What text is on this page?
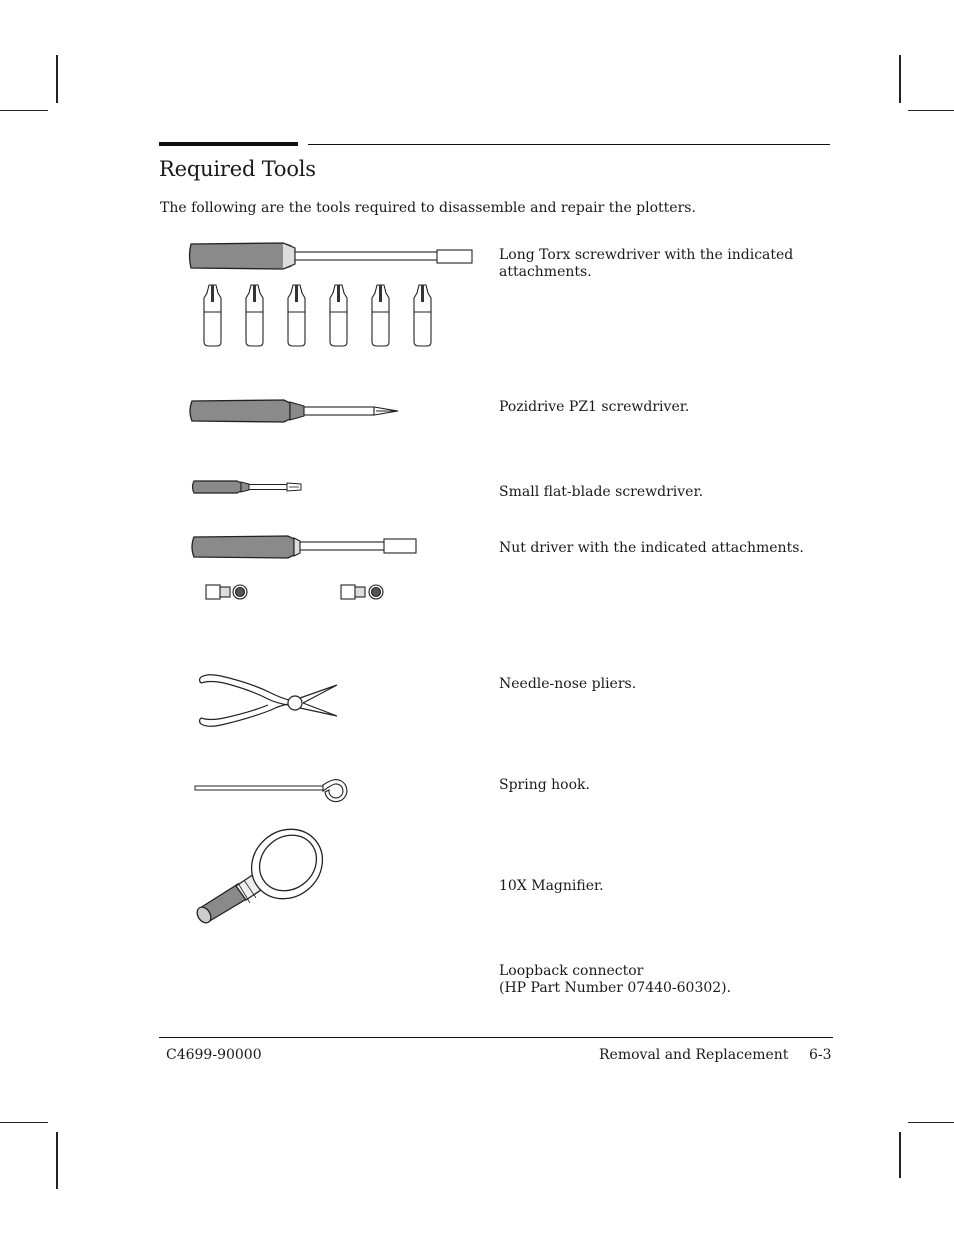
Required Tools
The following are the tools required to disassemble and repair the plotters.
Long Torx screwdriver with the indicated attachments.
Pozidrive PZ1 screwdriver.
Small flat-blade screwdriver.
Nut driver with the indicated attachments.
Needle-nose pliers.
Spring hook.
10X Magnifier.
Loopback connector
(HP Part Number 07440-60302).
C4699-90000	Removal and Replacement 6-3
